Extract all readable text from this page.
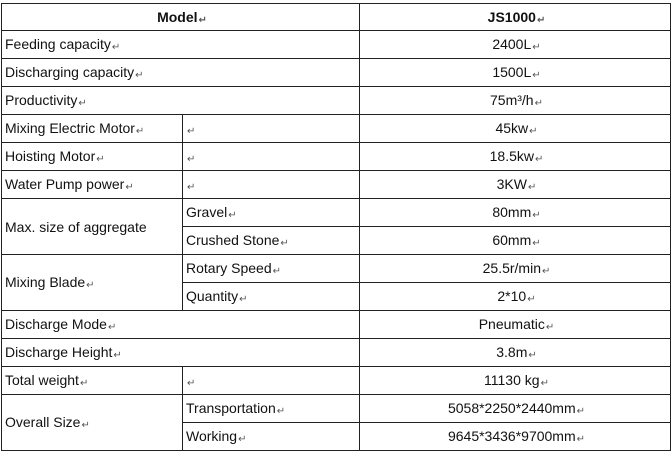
Model↵		JS1000↵
Feeding capacity↵		2400L↵
Discharging capacity↵		1500L↵
Productivity↵		75m³/h↵
Mixing Electric Motor↵	↵	45kw↵
Hoisting Motor↵	↵	18.5kw↵
Water Pump power↵	↵	3KW↵
Max. size of aggregate	Gravel↵	80mm↵
	Crushed Stone↵	60mm↵
Mixing Blade↵	Rotary Speed↵	25.5r/min↵
	Quantity↵	2*10↵
Discharge Mode↵		Pneumatic↵
Discharge Height↵		3.8m↵
Total weight↵	↵	11130 kg↵
Overall Size↵	Transportation↵	5058*2250*2440mm↵
	Working↵	9645*3436*9700mm↵
